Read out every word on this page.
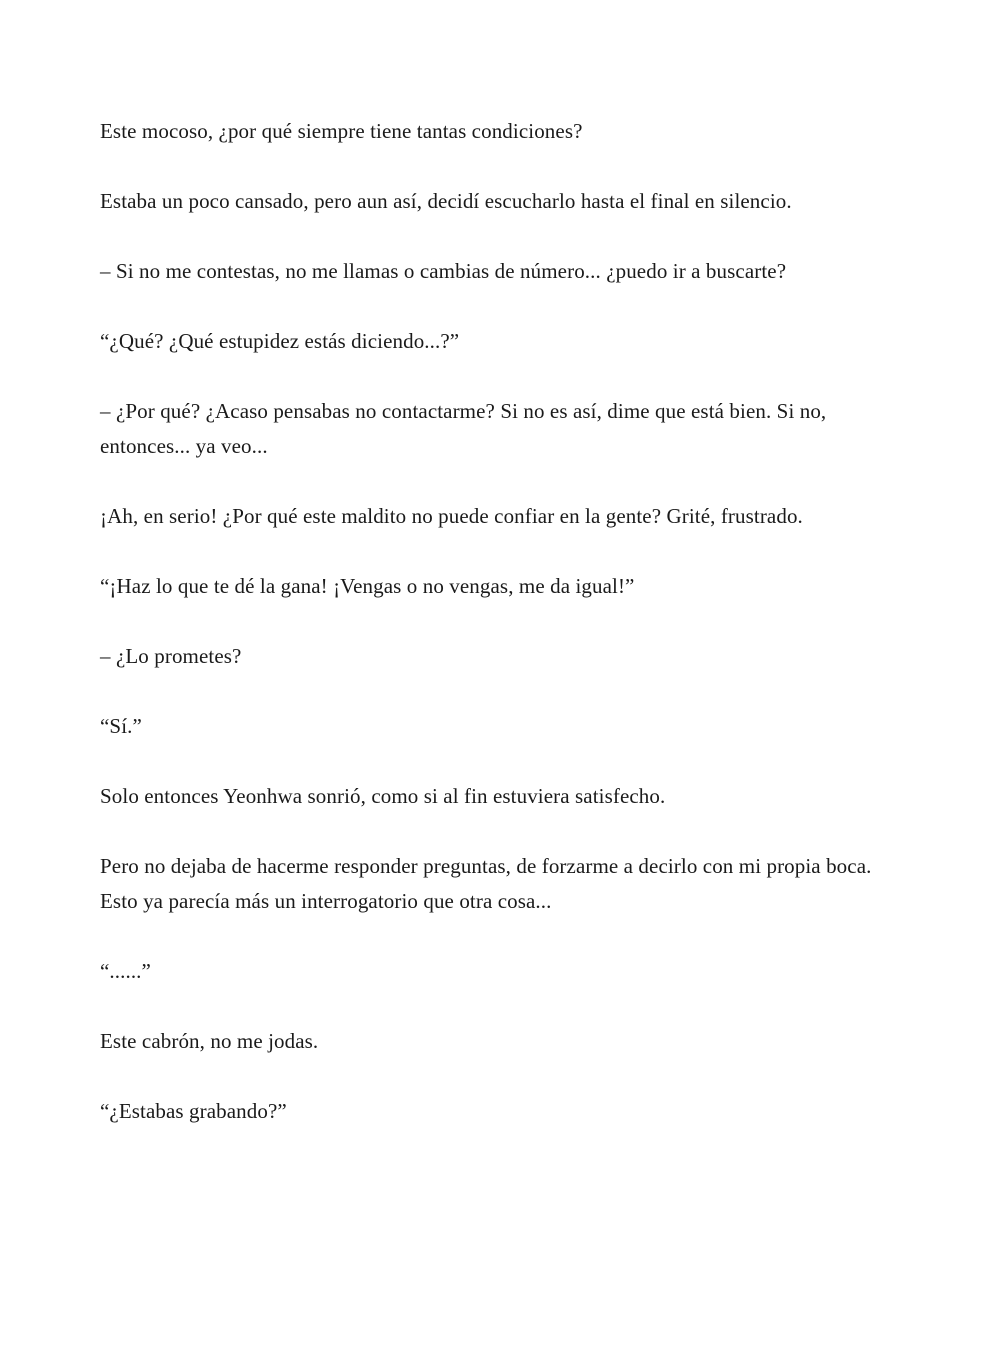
Este mocoso, ¿por qué siempre tiene tantas condiciones?

Estaba un poco cansado, pero aun así, decidí escucharlo hasta el final en silencio.

– Si no me contestas, no me llamas o cambias de número... ¿puedo ir a buscarte?

“¿Qué? ¿Qué estupidez estás diciendo...?”

– ¿Por qué? ¿Acaso pensabas no contactarme? Si no es así, dime que está bien. Si no, entonces... ya veo...

¡Ah, en serio! ¿Por qué este maldito no puede confiar en la gente? Grité, frustrado.

“¡Haz lo que te dé la gana! ¡Vengas o no vengas, me da igual!”

– ¿Lo prometes?

“Sí.”

Solo entonces Yeonhwa sonrió, como si al fin estuviera satisfecho.

Pero no dejaba de hacerme responder preguntas, de forzarme a decirlo con mi propia boca. Esto ya parecía más un interrogatorio que otra cosa...

“......”

Este cabrón, no me jodas.

“¿Estabas grabando?”
